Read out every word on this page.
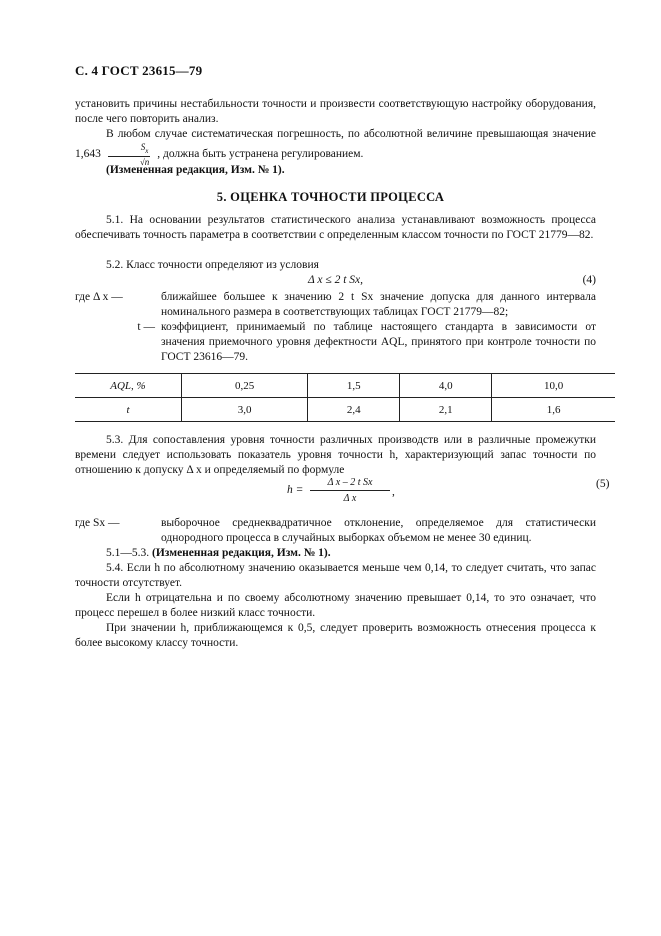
С. 4 ГОСТ 23615—79
установить причины нестабильности точности и произвести соответствующую настройку оборудования, после чего повторить анализ.
В любом случае систематическая погрешность, по абсолютной величине превышающая значение $1,643 \frac{S_x}{√n}$ , должна быть устранена регулированием.
(Измененная редакция, Изм. № 1).
5. ОЦЕНКА ТОЧНОСТИ ПРОЦЕССА
5.1. На основании результатов статистического анализа устанавливают возможность процесса обеспечивать точность параметра в соответствии с определенным классом точности по ГОСТ 21779—82.
5.2. Класс точности определяют из условия
Δ x ≤ 2 t Sx,	(4)
где Δ x —	ближайшее большее к значению 2 t Sx значение допуска для данного интервала номинального размера в соответствующих таблицах ГОСТ 21779—82;
t — коэффициент, принимаемый по таблице настоящего стандарта в зависимости от значения приемочного уровня дефектности AQL, принятого при контроле точности по ГОСТ 23616—79.
AQL, %	0,25	1,5	4,0	10,0
t	3,0	2,4	2,1	1,6
5.3. Для сопоставления уровня точности различных производств или в различные промежутки времени следует использовать показатель уровня точности h, характеризующий запас точности по отношению к допуску Δ x и определяемый по формуле
$h = \frac{\text{Δ x – 2 t Sx}}{\text{Δ x}}$ ,
(5)
где Sx —	выборочное среднеквадратичное отклонение, определяемое для статистически однородного процесса в случайных выборках объемом не менее 30 единиц.
5.1—5.3. (Измененная редакция, Изм. № 1).
5.4. Если h по абсолютному значению оказывается меньше чем 0,14, то следует считать, что запас точности отсутствует.
Если h отрицательна и по своему абсолютному значению превышает 0,14, то это означает, что процесс перешел в более низкий класс точности.
При значении h, приближающемся к 0,5, следует проверить возможность отнесения процесса к более высокому классу точности.
